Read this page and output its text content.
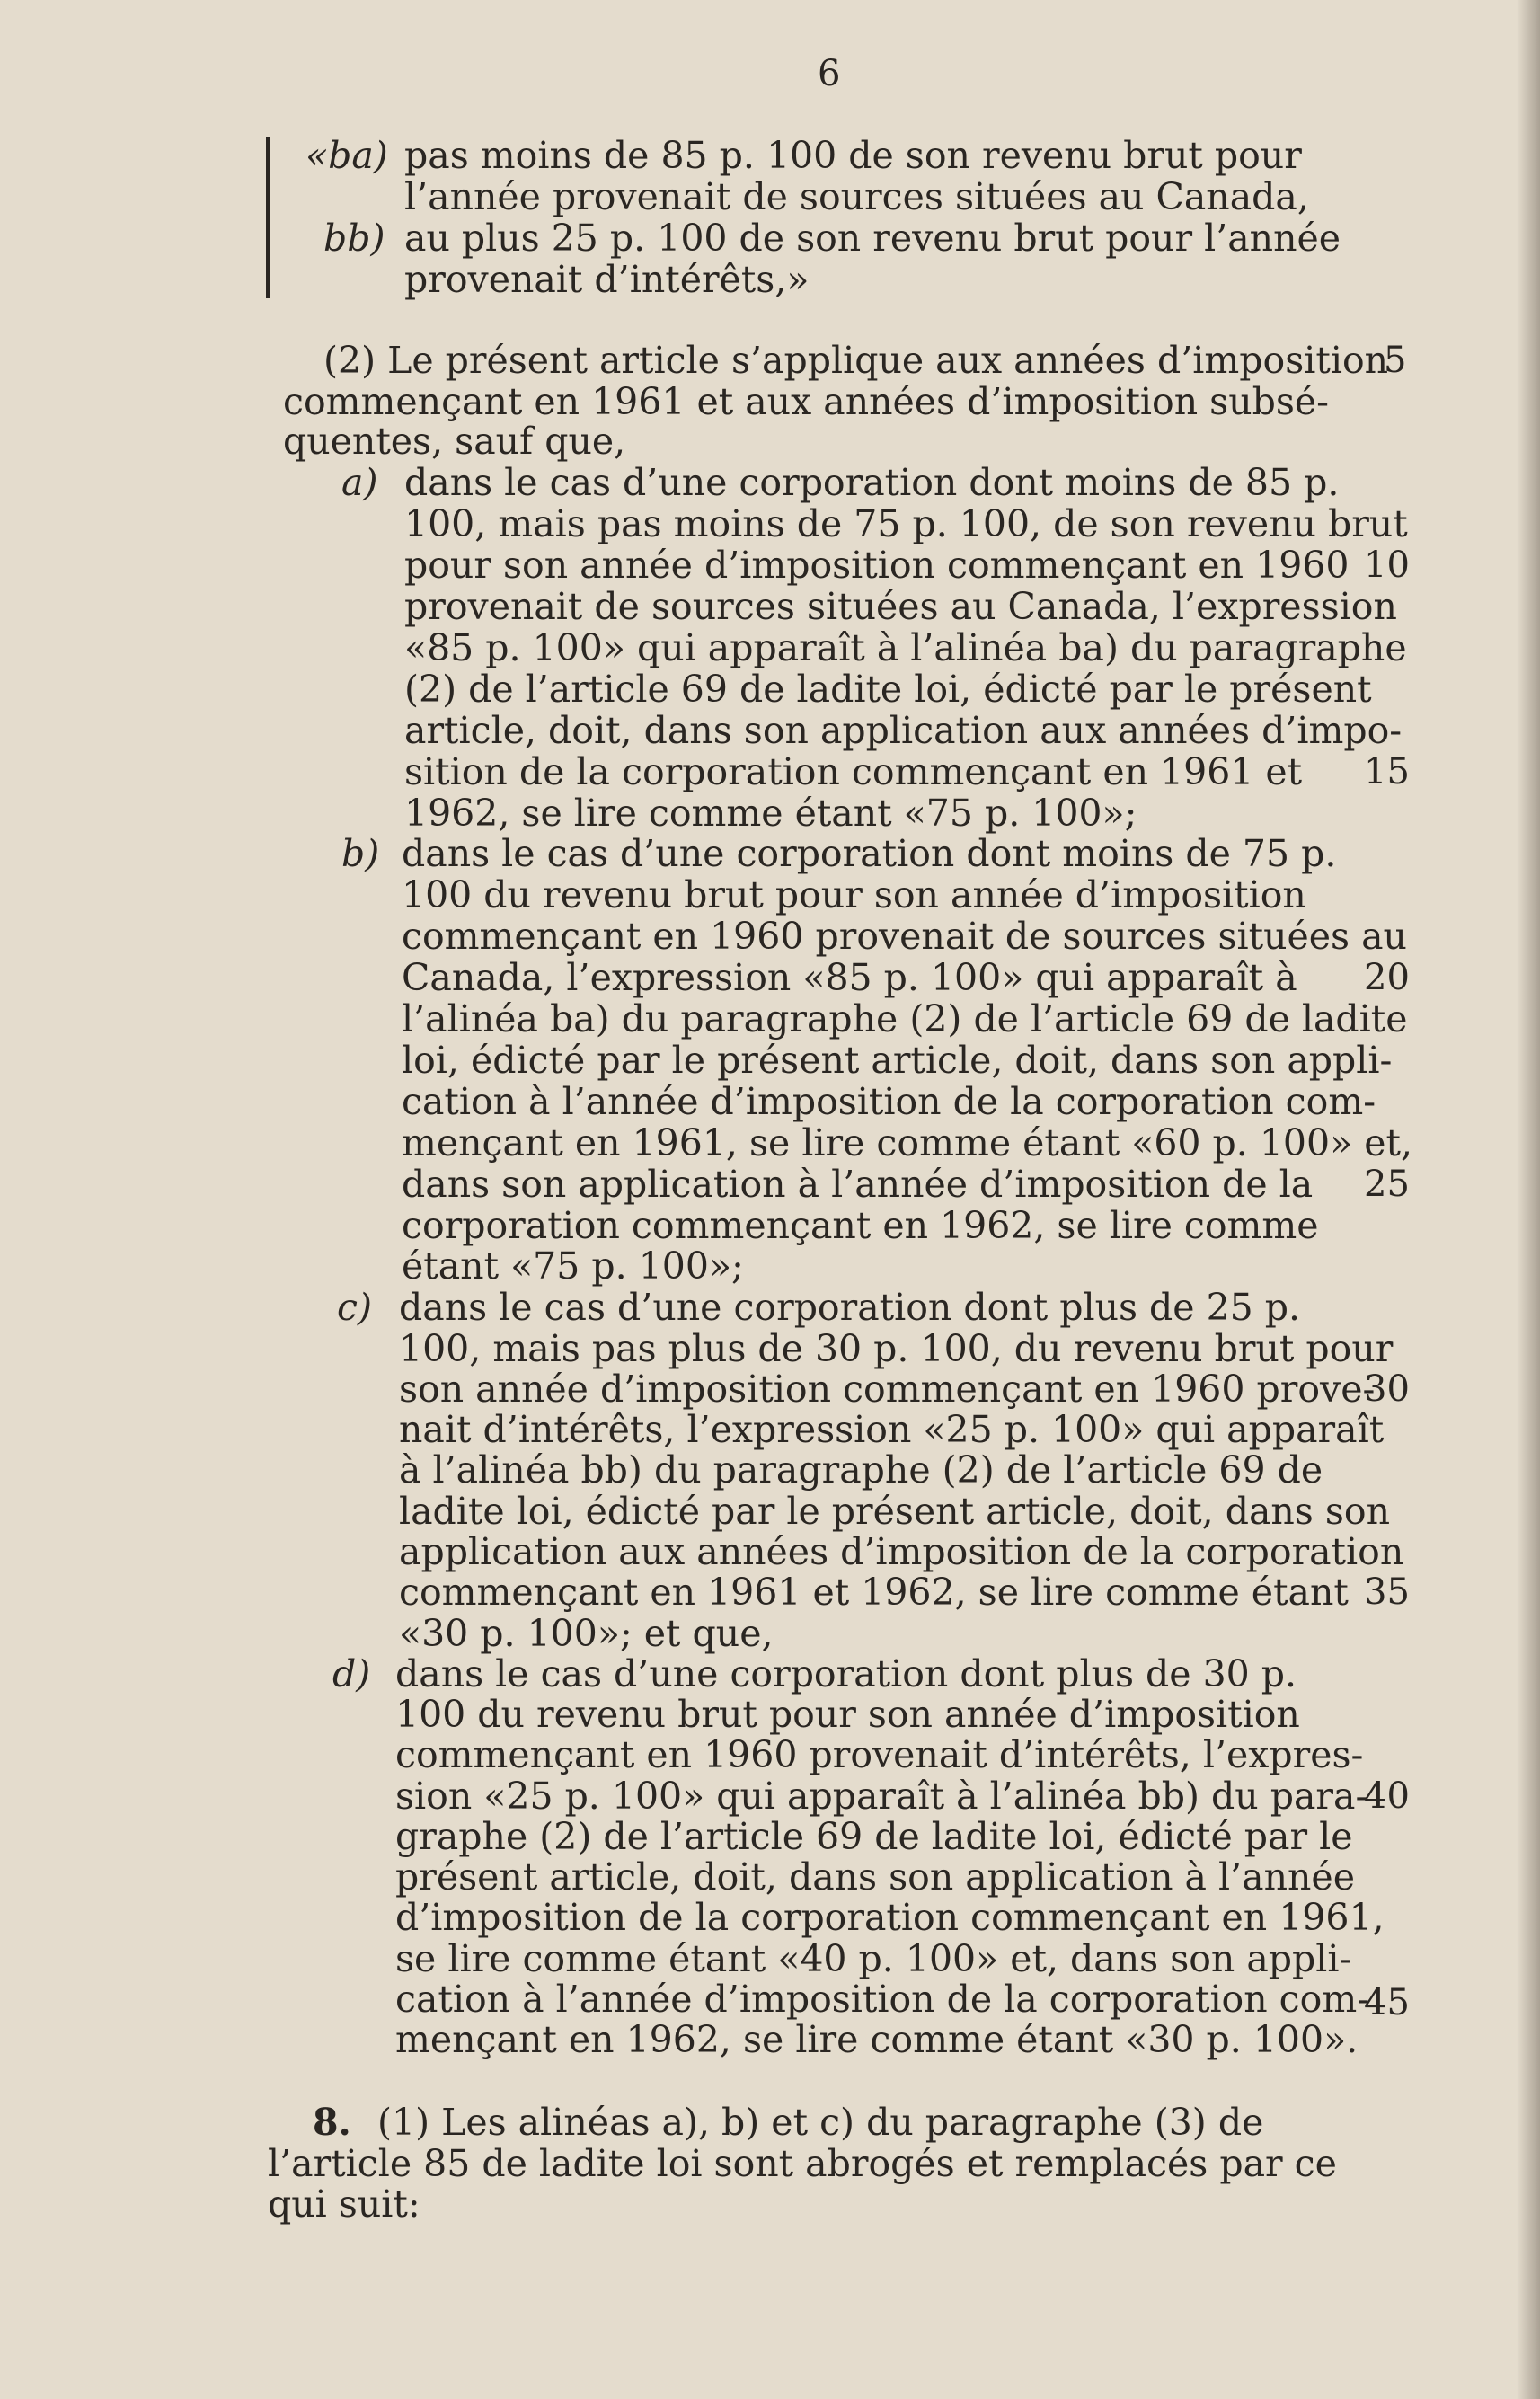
6
«ba)
bb)
a)
b)
c)
d)
pas moins de 85 p. 100 de son revenu brut pour
l’année provenait de sources situées au Canada,
au plus 25 p. 100 de son revenu brut pour l’année
provenait d’intérêts,»
(2) Le présent article s’applique aux années d’imposition
commençant en 1961 et aux années d’imposition subsé-
quentes, sauf que,
dans le cas d’une corporation dont moins de 85 p.
100, mais pas moins de 75 p. 100, de son revenu brut
pour son année d’imposition commençant en 1960
provenait de sources situées au Canada, l’expression
«85 p. 100» qui apparaît à l’alinéa ba) du paragraphe
(2) de l’article 69 de ladite loi, édicté par le présent
article, doit, dans son application aux années d’impo-
sition de la corporation commençant en 1961 et
1962, se lire comme étant «75 p. 100»;
dans le cas d’une corporation dont moins de 75 p.
100 du revenu brut pour son année d’imposition
commençant en 1960 provenait de sources situées au
Canada, l’expression «85 p. 100» qui apparaît à
l’alinéa ba) du paragraphe (2) de l’article 69 de ladite
loi, édicté par le présent article, doit, dans son appli-
cation à l’année d’imposition de la corporation com-
mençant en 1961, se lire comme étant «60 p. 100» et,
dans son application à l’année d’imposition de la
corporation commençant en 1962, se lire comme
étant «75 p. 100»;
dans le cas d’une corporation dont plus de 25 p.
100, mais pas plus de 30 p. 100, du revenu brut pour
son année d’imposition commençant en 1960 prove-
nait d’intérêts, l’expression «25 p. 100» qui apparaît
à l’alinéa bb) du paragraphe (2) de l’article 69 de
ladite loi, édicté par le présent article, doit, dans son
application aux années d’imposition de la corporation
commençant en 1961 et 1962, se lire comme étant
«30 p. 100»; et que,
dans le cas d’une corporation dont plus de 30 p.
100 du revenu brut pour son année d’imposition
commençant en 1960 provenait d’intérêts, l’expres-
sion «25 p. 100» qui apparaît à l’alinéa bb) du para-
graphe (2) de l’article 69 de ladite loi, édicté par le
présent article, doit, dans son application à l’année
d’imposition de la corporation commençant en 1961,
se lire comme étant «40 p. 100» et, dans son appli-
cation à l’année d’imposition de la corporation com-
mençant en 1962, se lire comme étant «30 p. 100».
8. (1) Les alinéas a), b) et c) du paragraphe (3) de
l’article 85 de ladite loi sont abrogés et remplacés par ce
qui suit:
5
10
15
20
25
30
35
40
45
